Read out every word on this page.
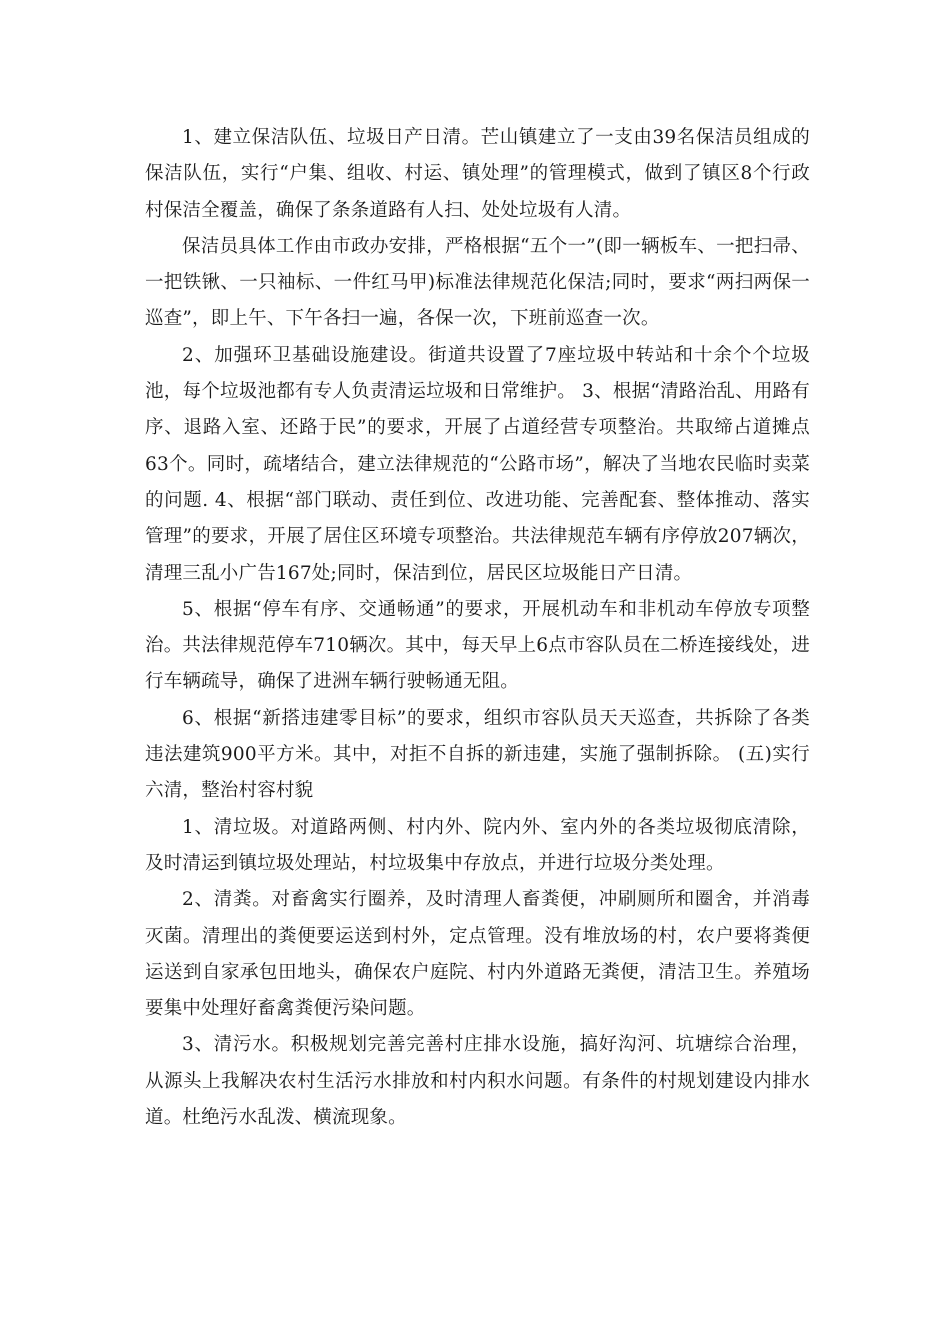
1、建立保洁队伍、垃圾日产日清。芒山镇建立了一支由39名保洁员组成的保洁队伍，实行“户集、组收、村运、镇处理”的管理模式，做到了镇区8个行政村保洁全覆盖，确保了条条道路有人扫、处处垃圾有人清。

保洁员具体工作由市政办安排，严格根据“五个一”(即一辆板车、一把扫帚、一把铁锹、一只袖标、一件红马甲)标准法律规范化保洁;同时，要求“两扫两保一巡查”，即上午、下午各扫一遍，各保一次，下班前巡查一次。

2、加强环卫基础设施建设。街道共设置了7座垃圾中转站和十余个个垃圾池，每个垃圾池都有专人负责清运垃圾和日常维护。 3、根据“清路治乱、用路有序、退路入室、还路于民”的要求，开展了占道经营专项整治。共取缔占道摊点63个。同时，疏堵结合，建立法律规范的“公路市场”，解决了当地农民临时卖菜的问题. 4、根据“部门联动、责任到位、改进功能、完善配套、整体推动、落实管理”的要求，开展了居住区环境专项整治。共法律规范车辆有序停放207辆次，清理三乱小广告167处;同时，保洁到位，居民区垃圾能日产日清。

5、根据“停车有序、交通畅通”的要求，开展机动车和非机动车停放专项整治。共法律规范停车710辆次。其中，每天早上6点市容队员在二桥连接线处，进行车辆疏导，确保了进洲车辆行驶畅通无阻。

6、根据“新搭违建零目标”的要求，组织市容队员天天巡查，共拆除了各类违法建筑900平方米。其中，对拒不自拆的新违建，实施了强制拆除。 (五)实行六清，整治村容村貌

1、清垃圾。对道路两侧、村内外、院内外、室内外的各类垃圾彻底清除，及时清运到镇垃圾处理站，村垃圾集中存放点，并进行垃圾分类处理。

2、清粪。对畜禽实行圈养，及时清理人畜粪便，冲刷厕所和圈舍，并消毒灭菌。清理出的粪便要运送到村外，定点管理。没有堆放场的村，农户要将粪便运送到自家承包田地头，确保农户庭院、村内外道路无粪便，清洁卫生。养殖场要集中处理好畜禽粪便污染问题。

3、清污水。积极规划完善完善村庄排水设施，搞好沟河、坑塘综合治理，从源头上我解决农村生活污水排放和村内积水问题。有条件的村规划建设内排水道。杜绝污水乱泼、横流现象。
